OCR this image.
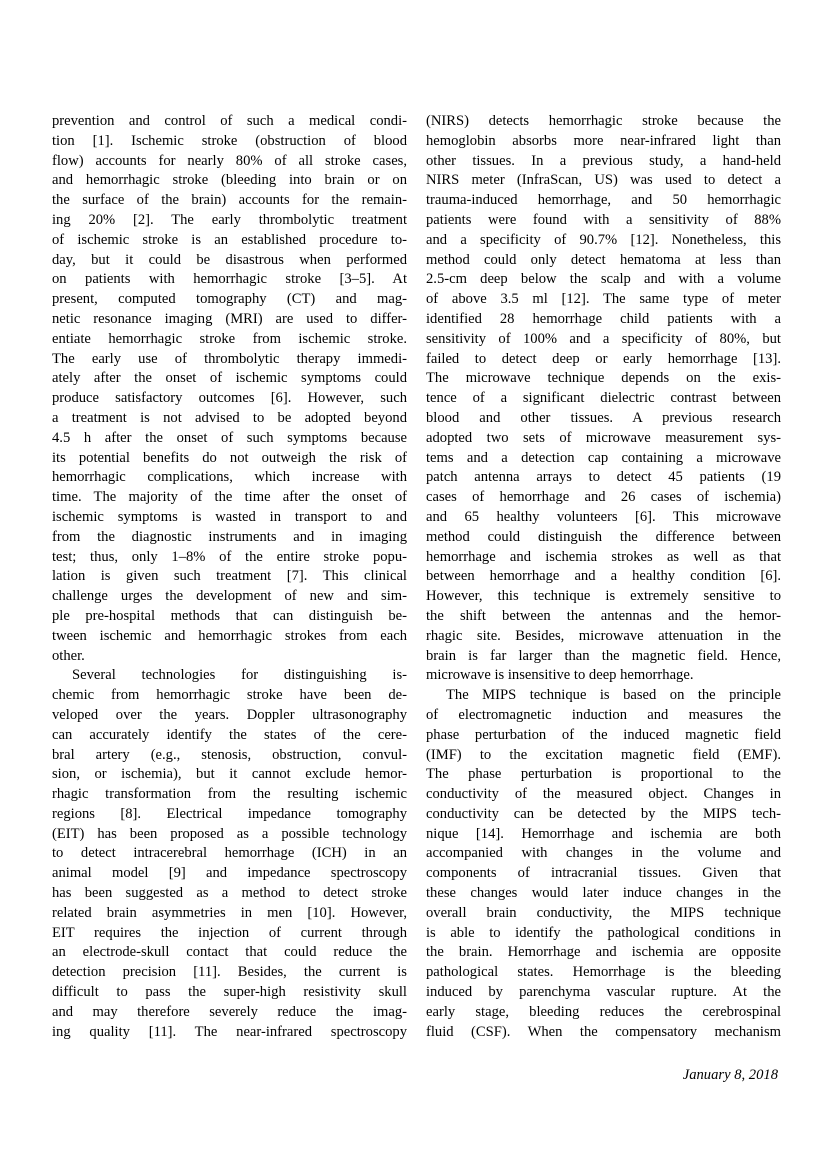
prevention and control of such a medical condi-
tion [1]. Ischemic stroke (obstruction of blood
flow) accounts for nearly 80% of all stroke cases,
and hemorrhagic stroke (bleeding into brain or on
the surface of the brain) accounts for the remain-
ing 20% [2]. The early thrombolytic treatment
of ischemic stroke is an established procedure to-
day, but it could be disastrous when performed
on patients with hemorrhagic stroke [3–5]. At
present, computed tomography (CT) and mag-
netic resonance imaging (MRI) are used to differ-
entiate hemorrhagic stroke from ischemic stroke.
The early use of thrombolytic therapy immedi-
ately after the onset of ischemic symptoms could
produce satisfactory outcomes [6]. However, such
a treatment is not advised to be adopted beyond
4.5 h after the onset of such symptoms because
its potential benefits do not outweigh the risk of
hemorrhagic complications, which increase with
time. The majority of the time after the onset of
ischemic symptoms is wasted in transport to and
from the diagnostic instruments and in imaging
test; thus, only 1–8% of the entire stroke popu-
lation is given such treatment [7]. This clinical
challenge urges the development of new and sim-
ple pre-hospital methods that can distinguish be-
tween ischemic and hemorrhagic strokes from each
other.
Several technologies for distinguishing is-
chemic from hemorrhagic stroke have been de-
veloped over the years. Doppler ultrasonography
can accurately identify the states of the cere-
bral artery (e.g., stenosis, obstruction, convul-
sion, or ischemia), but it cannot exclude hemor-
rhagic transformation from the resulting ischemic
regions [8]. Electrical impedance tomography
(EIT) has been proposed as a possible technology
to detect intracerebral hemorrhage (ICH) in an
animal model [9] and impedance spectroscopy
has been suggested as a method to detect stroke
related brain asymmetries in men [10]. However,
EIT requires the injection of current through
an electrode-skull contact that could reduce the
detection precision [11]. Besides, the current is
difficult to pass the super-high resistivity skull
and may therefore severely reduce the imag-
ing quality [11]. The near-infrared spectroscopy
(NIRS) detects hemorrhagic stroke because the
hemoglobin absorbs more near-infrared light than
other tissues. In a previous study, a hand-held
NIRS meter (InfraScan, US) was used to detect a
trauma-induced hemorrhage, and 50 hemorrhagic
patients were found with a sensitivity of 88%
and a specificity of 90.7% [12]. Nonetheless, this
method could only detect hematoma at less than
2.5-cm deep below the scalp and with a volume
of above 3.5 ml [12]. The same type of meter
identified 28 hemorrhage child patients with a
sensitivity of 100% and a specificity of 80%, but
failed to detect deep or early hemorrhage [13].
The microwave technique depends on the exis-
tence of a significant dielectric contrast between
blood and other tissues. A previous research
adopted two sets of microwave measurement sys-
tems and a detection cap containing a microwave
patch antenna arrays to detect 45 patients (19
cases of hemorrhage and 26 cases of ischemia)
and 65 healthy volunteers [6]. This microwave
method could distinguish the difference between
hemorrhage and ischemia strokes as well as that
between hemorrhage and a healthy condition [6].
However, this technique is extremely sensitive to
the shift between the antennas and the hemor-
rhagic site. Besides, microwave attenuation in the
brain is far larger than the magnetic field. Hence,
microwave is insensitive to deep hemorrhage.
The MIPS technique is based on the principle
of electromagnetic induction and measures the
phase perturbation of the induced magnetic field
(IMF) to the excitation magnetic field (EMF).
The phase perturbation is proportional to the
conductivity of the measured object. Changes in
conductivity can be detected by the MIPS tech-
nique [14]. Hemorrhage and ischemia are both
accompanied with changes in the volume and
components of intracranial tissues. Given that
these changes would later induce changes in the
overall brain conductivity, the MIPS technique
is able to identify the pathological conditions in
the brain. Hemorrhage and ischemia are opposite
pathological states. Hemorrhage is the bleeding
induced by parenchyma vascular rupture. At the
early stage, bleeding reduces the cerebrospinal
fluid (CSF). When the compensatory mechanism
January 8, 2018
